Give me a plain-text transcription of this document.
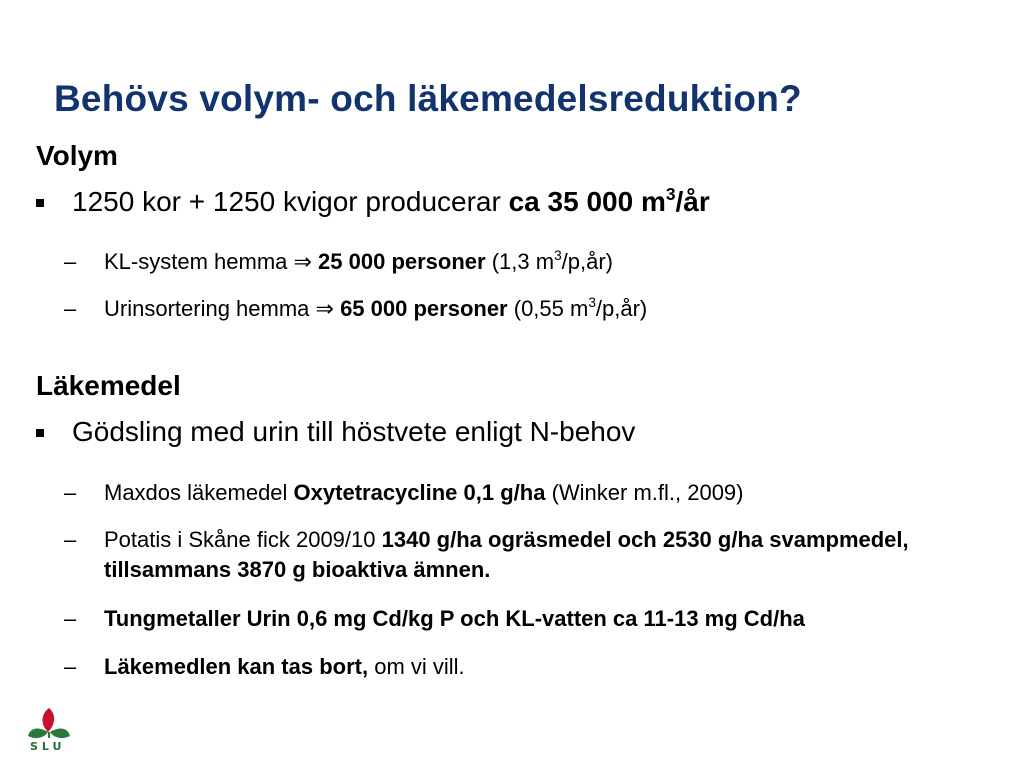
Behövs volym- och läkemedelsreduktion?
Volym
1250 kor + 1250 kvigor producerar ca 35 000 $m^3/år$
– KL-system hemma ⇒ 25 000 personer (1,3 $m^3/p,år$)
– Urinsortering hemma ⇒ 65 000 personer (0,55 $m^3/p,år$)
Läkemedel
Gödsling med urin till höstvete enligt N-behov
– Maxdos läkemedel Oxytetracycline 0,1 g/ha (Winker m.fl., 2009)
– Potatis i Skåne fick 2009/10 1340 g/ha ogräsmedel och 2530 g/ha svampmedel, tillsammans 3870 g bioaktiva ämnen.
– Tungmetaller Urin 0,6 mg Cd/kg P och KL-vatten ca 11-13 mg Cd/ha
– Läkemedlen kan tas bort, om vi vill.
SLU
